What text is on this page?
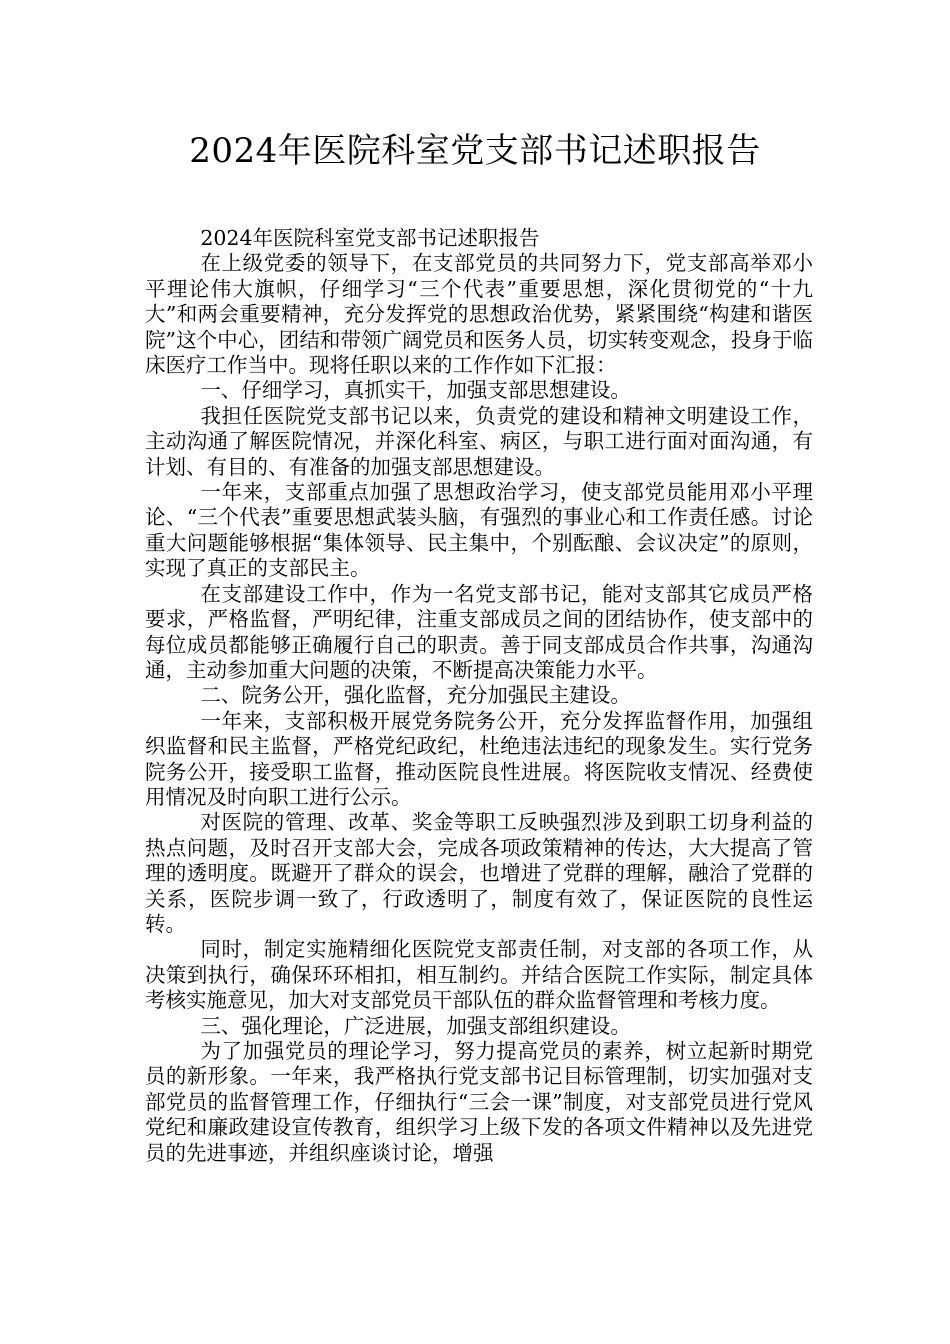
2024年医院科室党支部书记述职报告

2024年医院科室党支部书记述职报告

在上级党委的领导下，在支部党员的共同努力下，党支部高举邓小平理论伟大旗帜，仔细学习“三个代表”重要思想，深化贯彻党的“十九大”和两会重要精神，充分发挥党的思想政治优势，紧紧围绕“构建和谐医院”这个中心，团结和带领广阔党员和医务人员，切实转变观念，投身于临床医疗工作当中。现将任职以来的工作作如下汇报：

一、仔细学习，真抓实干，加强支部思想建设。

我担任医院党支部书记以来，负责党的建设和精神文明建设工作，主动沟通了解医院情况，并深化科室、病区，与职工进行面对面沟通，有计划、有目的、有准备的加强支部思想建设。

一年来，支部重点加强了思想政治学习，使支部党员能用邓小平理论、“三个代表”重要思想武装头脑，有强烈的事业心和工作责任感。讨论重大问题能够根据“集体领导、民主集中，个别酝酿、会议决定”的原则，实现了真正的支部民主。

在支部建设工作中，作为一名党支部书记，能对支部其它成员严格要求，严格监督，严明纪律，注重支部成员之间的团结协作，使支部中的每位成员都能够正确履行自己的职责。善于同支部成员合作共事，沟通沟通，主动参加重大问题的决策，不断提高决策能力水平。

二、院务公开，强化监督，充分加强民主建设。

一年来，支部积极开展党务院务公开，充分发挥监督作用，加强组织监督和民主监督，严格党纪政纪，杜绝违法违纪的现象发生。实行党务院务公开，接受职工监督，推动医院良性进展。将医院收支情况、经费使用情况及时向职工进行公示。

对医院的管理、改革、奖金等职工反映强烈涉及到职工切身利益的热点问题，及时召开支部大会，完成各项政策精神的传达，大大提高了管理的透明度。既避开了群众的误会，也增进了党群的理解，融洽了党群的关系，医院步调一致了，行政透明了，制度有效了，保证医院的良性运转。

同时，制定实施精细化医院党支部责任制，对支部的各项工作，从决策到执行，确保环环相扣，相互制约。并结合医院工作实际，制定具体考核实施意见，加大对支部党员干部队伍的群众监督管理和考核力度。

三、强化理论，广泛进展，加强支部组织建设。

为了加强党员的理论学习，努力提高党员的素养，树立起新时期党员的新形象。一年来，我严格执行党支部书记目标管理制，切实加强对支部党员的监督管理工作，仔细执行“三会一课”制度，对支部党员进行党风党纪和廉政建设宣传教育，组织学习上级下发的各项文件精神以及先进党员的先进事迹，并组织座谈讨论，增强
